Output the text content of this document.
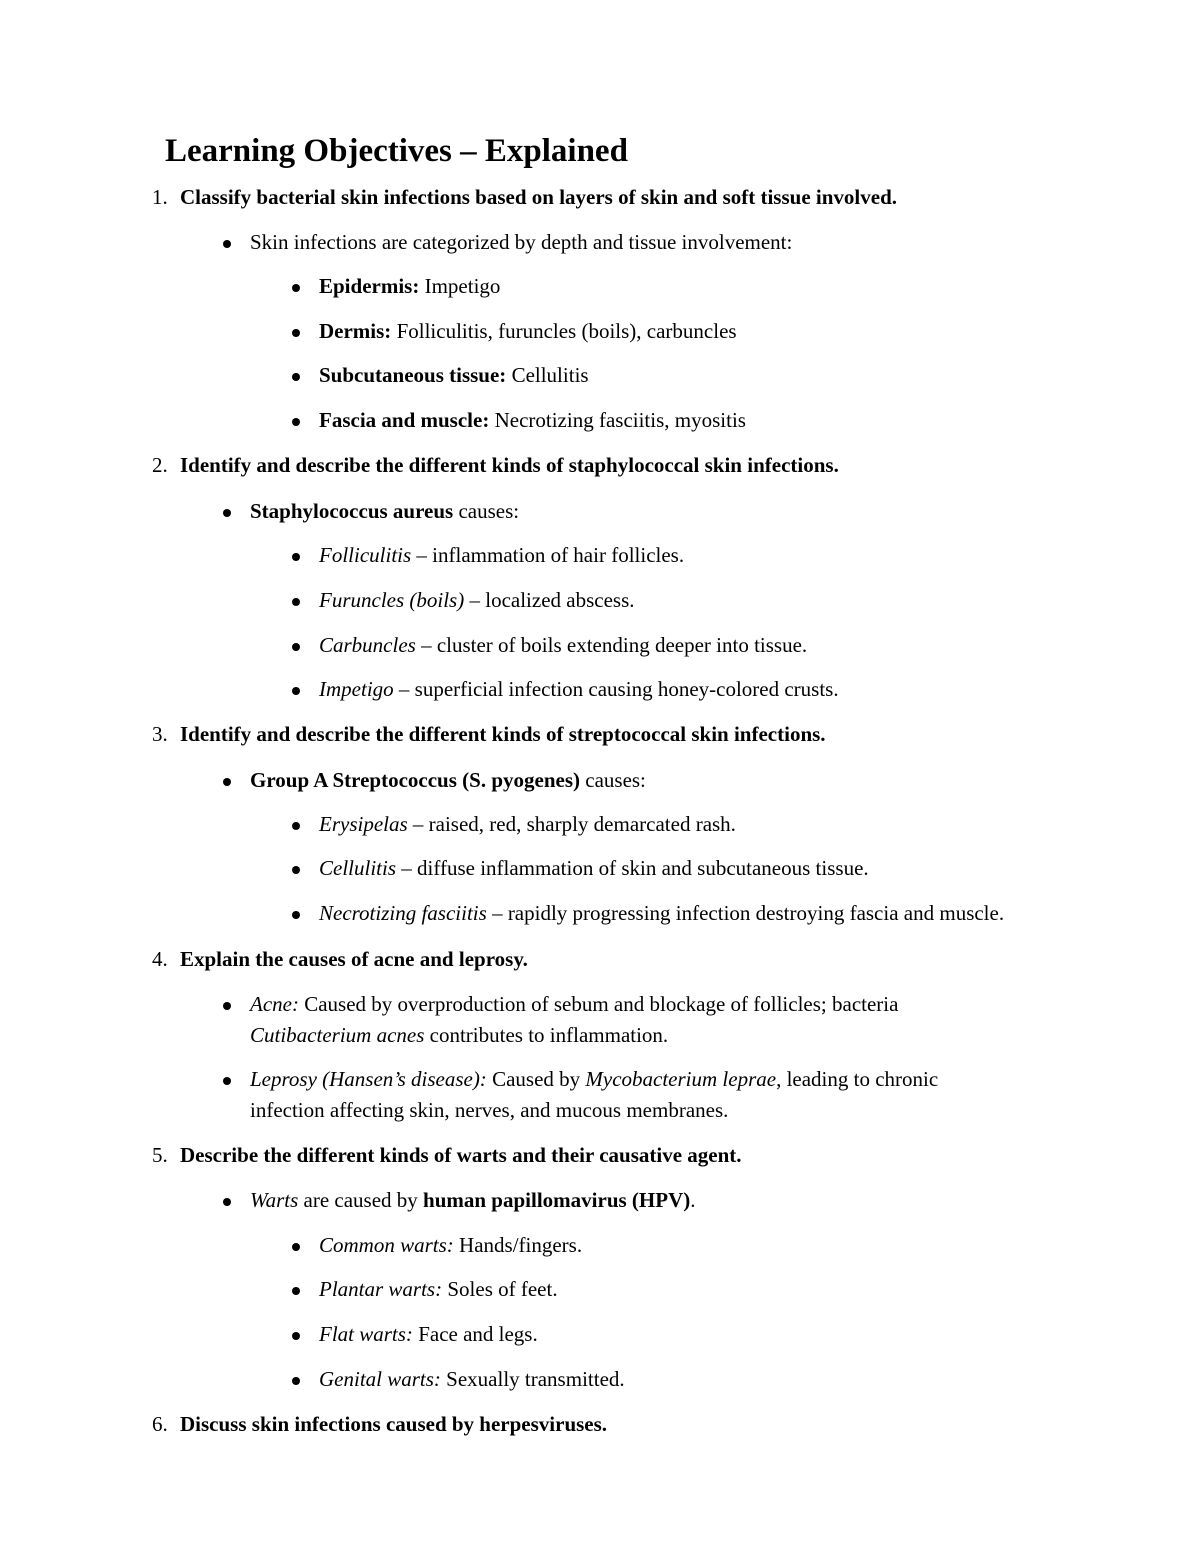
Learning Objectives – Explained
1. Classify bacterial skin infections based on layers of skin and soft tissue involved.
Skin infections are categorized by depth and tissue involvement:
Epidermis: Impetigo
Dermis: Folliculitis, furuncles (boils), carbuncles
Subcutaneous tissue: Cellulitis
Fascia and muscle: Necrotizing fasciitis, myositis
2. Identify and describe the different kinds of staphylococcal skin infections.
Staphylococcus aureus causes:
Folliculitis – inflammation of hair follicles.
Furuncles (boils) – localized abscess.
Carbuncles – cluster of boils extending deeper into tissue.
Impetigo – superficial infection causing honey-colored crusts.
3. Identify and describe the different kinds of streptococcal skin infections.
Group A Streptococcus (S. pyogenes) causes:
Erysipelas – raised, red, sharply demarcated rash.
Cellulitis – diffuse inflammation of skin and subcutaneous tissue.
Necrotizing fasciitis – rapidly progressing infection destroying fascia and muscle.
4. Explain the causes of acne and leprosy.
Acne: Caused by overproduction of sebum and blockage of follicles; bacteria
Cutibacterium acnes contributes to inflammation.
Leprosy (Hansen’s disease): Caused by Mycobacterium leprae, leading to chronic
infection affecting skin, nerves, and mucous membranes.
5. Describe the different kinds of warts and their causative agent.
Warts are caused by human papillomavirus (HPV).
Common warts: Hands/fingers.
Plantar warts: Soles of feet.
Flat warts: Face and legs.
Genital warts: Sexually transmitted.
6. Discuss skin infections caused by herpesviruses.
